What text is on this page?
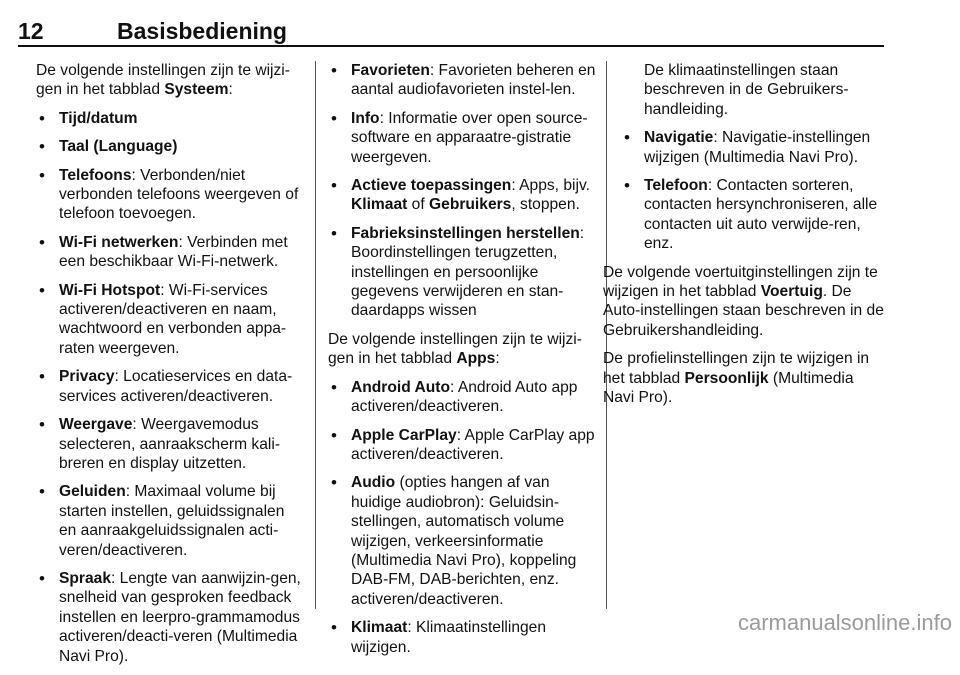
12	Basisbediening

De volgende instellingen zijn te wijzi-gen in het tabblad Systeem:

• Tijd/datum
• Taal (Language)
• Telefoons: Verbonden/niet verbonden telefoons weergeven of telefoon toevoegen.
• Wi-Fi netwerken: Verbinden met een beschikbaar Wi-Fi-netwerk.
• Wi-Fi Hotspot: Wi-Fi-services activeren/deactiveren en naam, wachtwoord en verbonden appa-raten weergeven.
• Privacy: Locatieservices en data-services activeren/deactiveren.
• Weergave: Weergavemodus selecteren, aanraakscherm kali-breren en display uitzetten.
• Geluiden: Maximaal volume bij starten instellen, geluidssignalen en aanraakgeluidssignalen acti-veren/deactiveren.
• Spraak: Lengte van aanwijzin-gen, snelheid van gesproken feedback instellen en leerpro-grammamodus activeren/deacti-veren (Multimedia Navi Pro).
• Favorieten: Favorieten beheren en aantal audiofavorieten instel-len.
• Info: Informatie over open source-software en apparaatre-gistratie weergeven.
• Actieve toepassingen: Apps, bijv. Klimaat of Gebruikers, stoppen.
• Fabrieksinstellingen herstellen: Boordinstellingen terugzetten, instellingen en persoonlijke gegevens verwijderen en stan-daardapps wissen

De volgende instellingen zijn te wijzi-gen in het tabblad Apps:

• Android Auto: Android Auto app activeren/deactiveren.
• Apple CarPlay: Apple CarPlay app activeren/deactiveren.
• Audio (opties hangen af van huidige audiobron): Geluidsin-stellingen, automatisch volume wijzigen, verkeersinformatie (Multimedia Navi Pro), koppeling DAB-FM, DAB-berichten, enz. activeren/deactiveren.
• Klimaat: Klimaatinstellingen wijzigen.
De klimaatinstellingen staan beschreven in de Gebruikers-handleiding.
• Navigatie: Navigatie-instellingen wijzigen (Multimedia Navi Pro).
• Telefoon: Contacten sorteren, contacten hersynchroniseren, alle contacten uit auto verwijde-ren, enz.

De volgende voertuitginstellingen zijn te wijzigen in het tabblad Voertuig. De Auto-instellingen staan beschreven in de Gebruikershandleiding.

De profielinstellingen zijn te wijzigen in het tabblad Persoonlijk (Multimedia Navi Pro).

carmanualsonline.info
